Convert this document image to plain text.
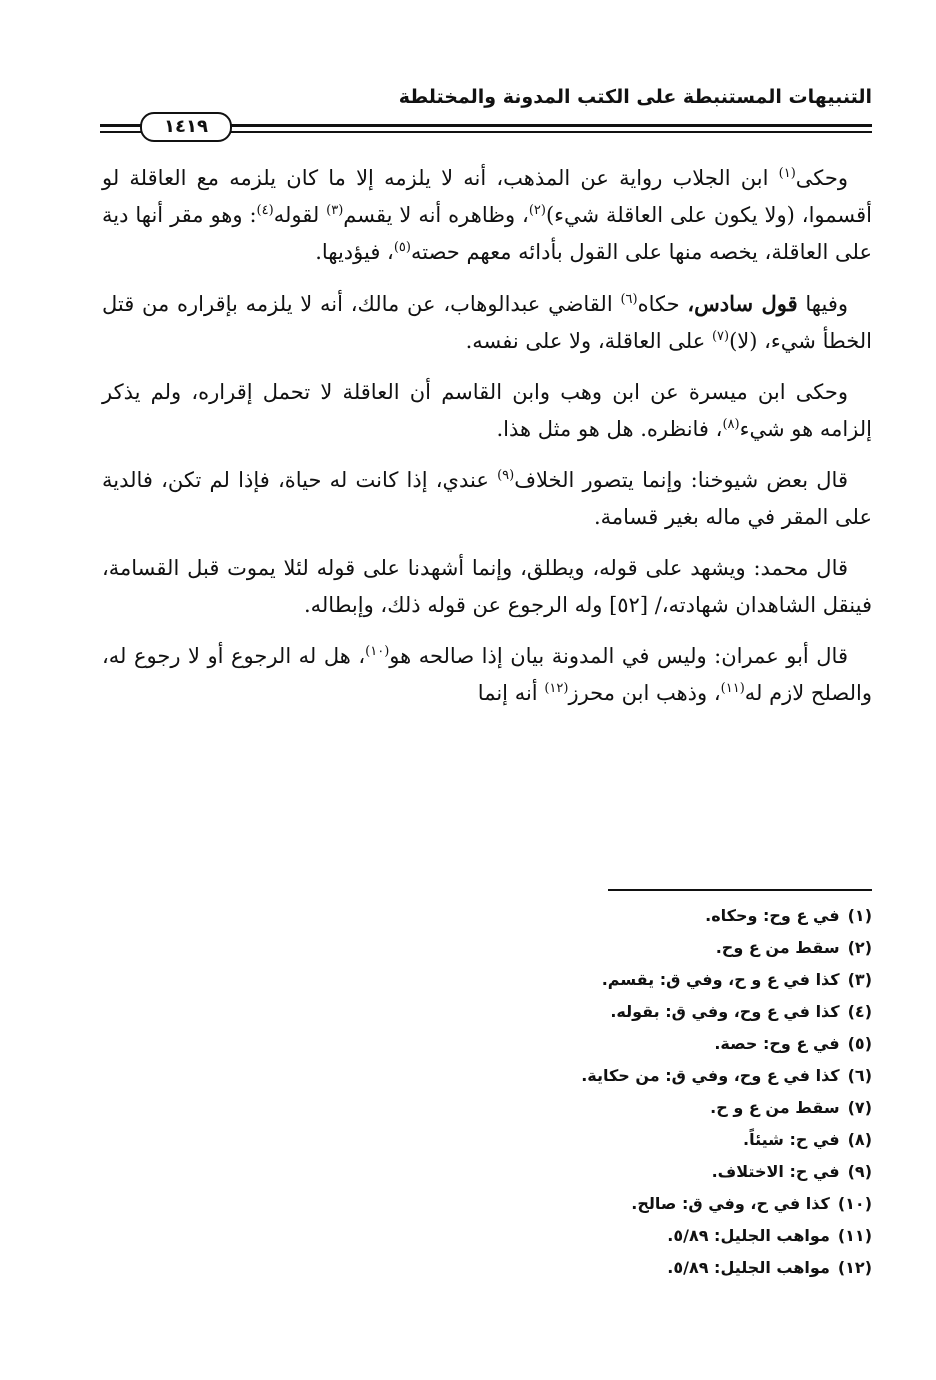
التنبيهات المستنبطة على الكتب المدونة والمختلطة
١٤١٩

وحكى$^{(١)}$ ابن الجلاب رواية عن المذهب، أنه لا يلزمه إلا ما كان يلزمه مع العاقلة لو أقسموا، (ولا يكون على العاقلة شيء)$^{(٢)}$، وظاهره أنه لا يقسم$^{(٣)}$ لقوله$^{(٤)}$: وهو مقر أنها دية على العاقلة، يخصه منها على القول بأدائه معهم حصته$^{(٥)}$، فيؤديها.

وفيها قول سادس، حكاه$^{(٦)}$ القاضي عبدالوهاب، عن مالك، أنه لا يلزمه بإقراره من قتل الخطأ شيء، (لا)$^{(٧)}$ على العاقلة، ولا على نفسه.

وحكى ابن ميسرة عن ابن وهب وابن القاسم أن العاقلة لا تحمل إقراره، ولم يذكر إلزامه هو شيء$^{(٨)}$، فانظره. هل هو مثل هذا.

قال بعض شيوخنا: وإنما يتصور الخلاف$^{(٩)}$ عندي، إذا كانت له حياة، فإذا لم تكن، فالدية على المقر في ماله بغير قسامة.

قال محمد: ويشهد على قوله، ويطلق، وإنما أشهدنا على قوله لئلا يموت قبل القسامة، فينقل الشاهدان شهادته،/ [٥٢] وله الرجوع عن قوله ذلك، وإبطاله.

قال أبو عمران: وليس في المدونة بيان إذا صالحه هو$^{(١٠)}$، هل له الرجوع أو لا رجوع له، والصلح لازم له$^{(١١)}$، وذهب ابن محرز$^{(١٢)}$ أنه إنما

(١)في ع وح: وحكاه.
(٢)سقط من ع وح.
(٣)كذا في ع و ح، وفي ق: يقسم.
(٤)كذا في ع وح، وفي ق: بقوله.
(٥)في ع وح: حصة.
(٦)كذا في ع وح، وفي ق: من حكاية.
(٧)سقط من ع و ح.
(٨)في ح: شيئاً.
(٩)في ح: الاختلاف.
(١٠)كذا في ح، وفي ق: صالح.
(١١)مواهب الجليل: ٥/٨٩.
(١٢)مواهب الجليل: ٥/٨٩.
